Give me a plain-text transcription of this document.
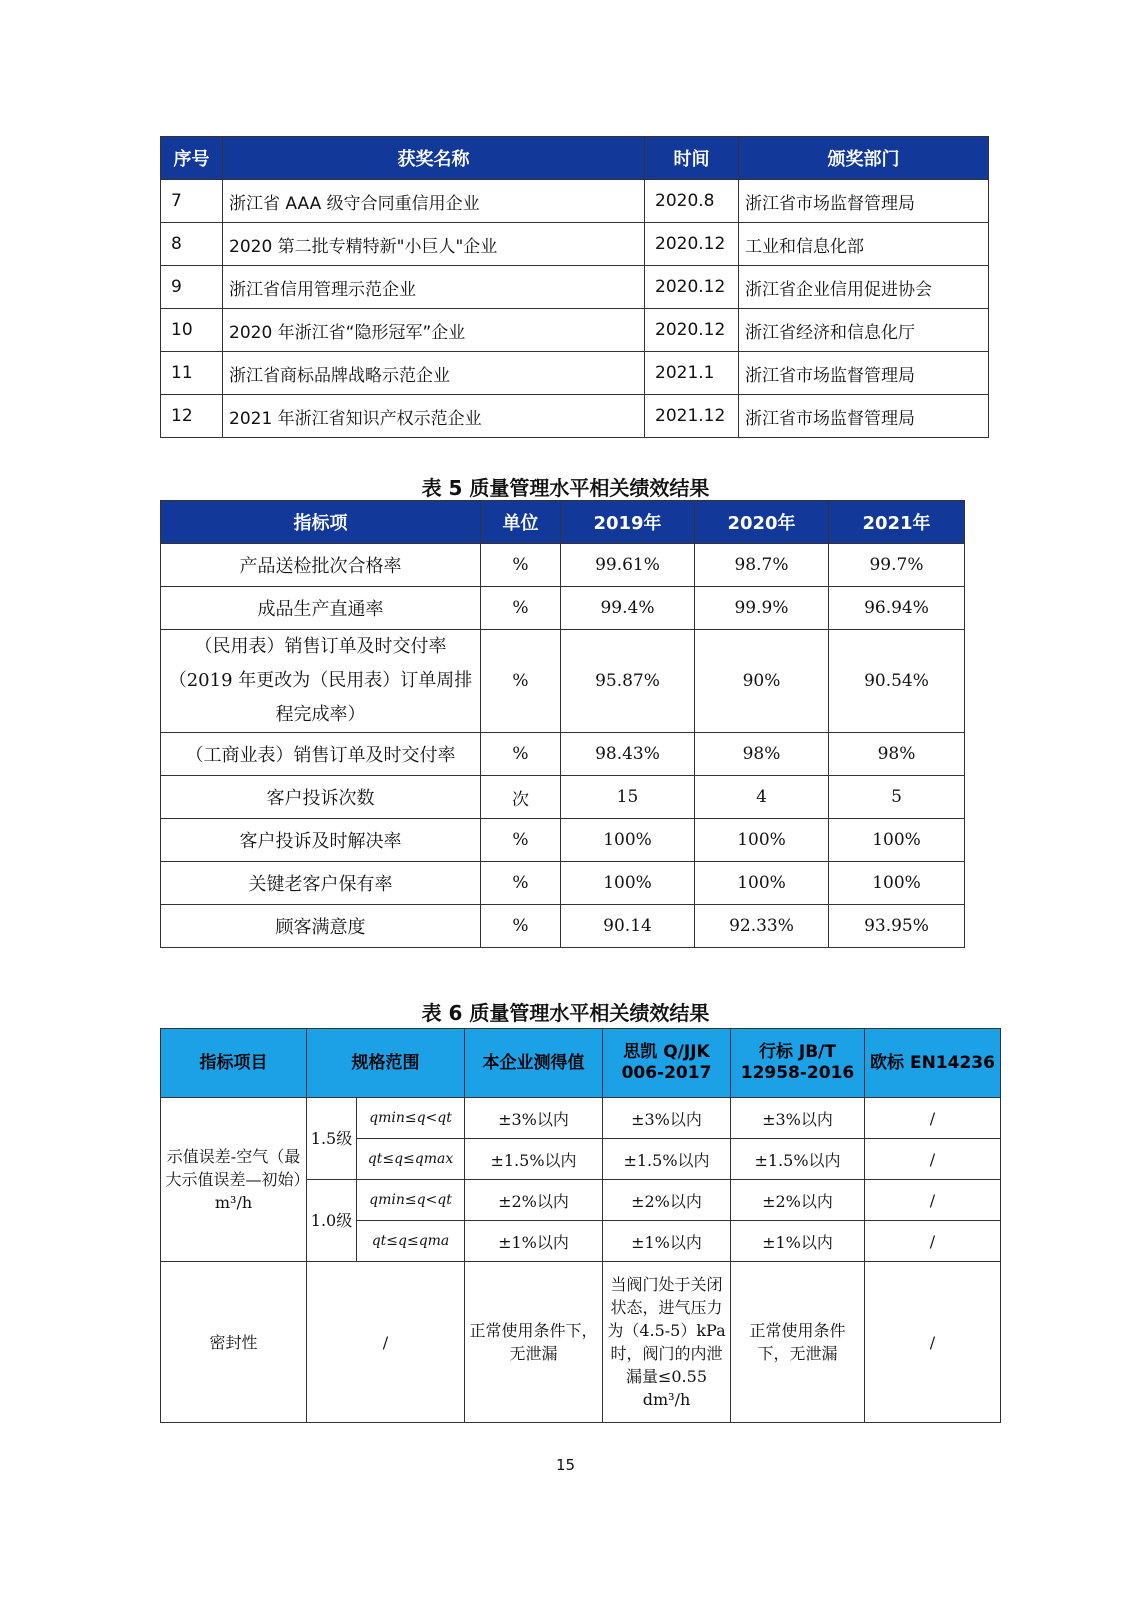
序号	获奖名称	时间	颁奖部门
7	浙江省 AAA 级守合同重信用企业	2020.8	浙江省市场监督管理局
8	2020 第二批专精特新"小巨人"企业	2020.12	工业和信息化部
9	浙江省信用管理示范企业	2020.12	浙江省企业信用促进协会
10	2020 年浙江省“隐形冠军”企业	2020.12	浙江省经济和信息化厅
11	浙江省商标品牌战略示范企业	2021.1	浙江省市场监督管理局
12	2021 年浙江省知识产权示范企业	2021.12	浙江省市场监督管理局
表 5 质量管理水平相关绩效结果
指标项	单位	2019年	2020年	2021年
产品送检批次合格率	%	99.61%	98.7%	99.7%
成品生产直通率	%	99.4%	99.9%	96.94%
（民用表）销售订单及时交付率（2019 年更改为（民用表）订单周排程完成率）	%	95.87%	90%	90.54%
（工商业表）销售订单及时交付率	%	98.43%	98%	98%
客户投诉次数	次	15	4	5
客户投诉及时解决率	%	100%	100%	100%
关键老客户保有率	%	100%	100%	100%
顾客满意度	%	90.14	92.33%	93.95%
表 6 质量管理水平相关绩效结果
指标项目	规格范围		本企业测得值	思凯 Q/JJK 006-2017	行标 JB/T 12958-2016	欧标 EN14236
示值误差-空气（最大示值误差—初始）m³/h	1.5级	qmin≤q<qt	±3%以内	±3%以内	±3%以内	/
		qt≤q≤qmax	±1.5%以内	±1.5%以内	±1.5%以内	/
	1.0级	qmin≤q<qt	±2%以内	±2%以内	±2%以内	/
		qt≤q≤qma	±1%以内	±1%以内	±1%以内	/
密封性	/		正常使用条件下，无泄漏	当阀门处于关闭状态，进气压力为（4.5-5）kPa 时，阀门的内泄漏量≤0.55 dm³/h	正常使用条件下，无泄漏	/
15
